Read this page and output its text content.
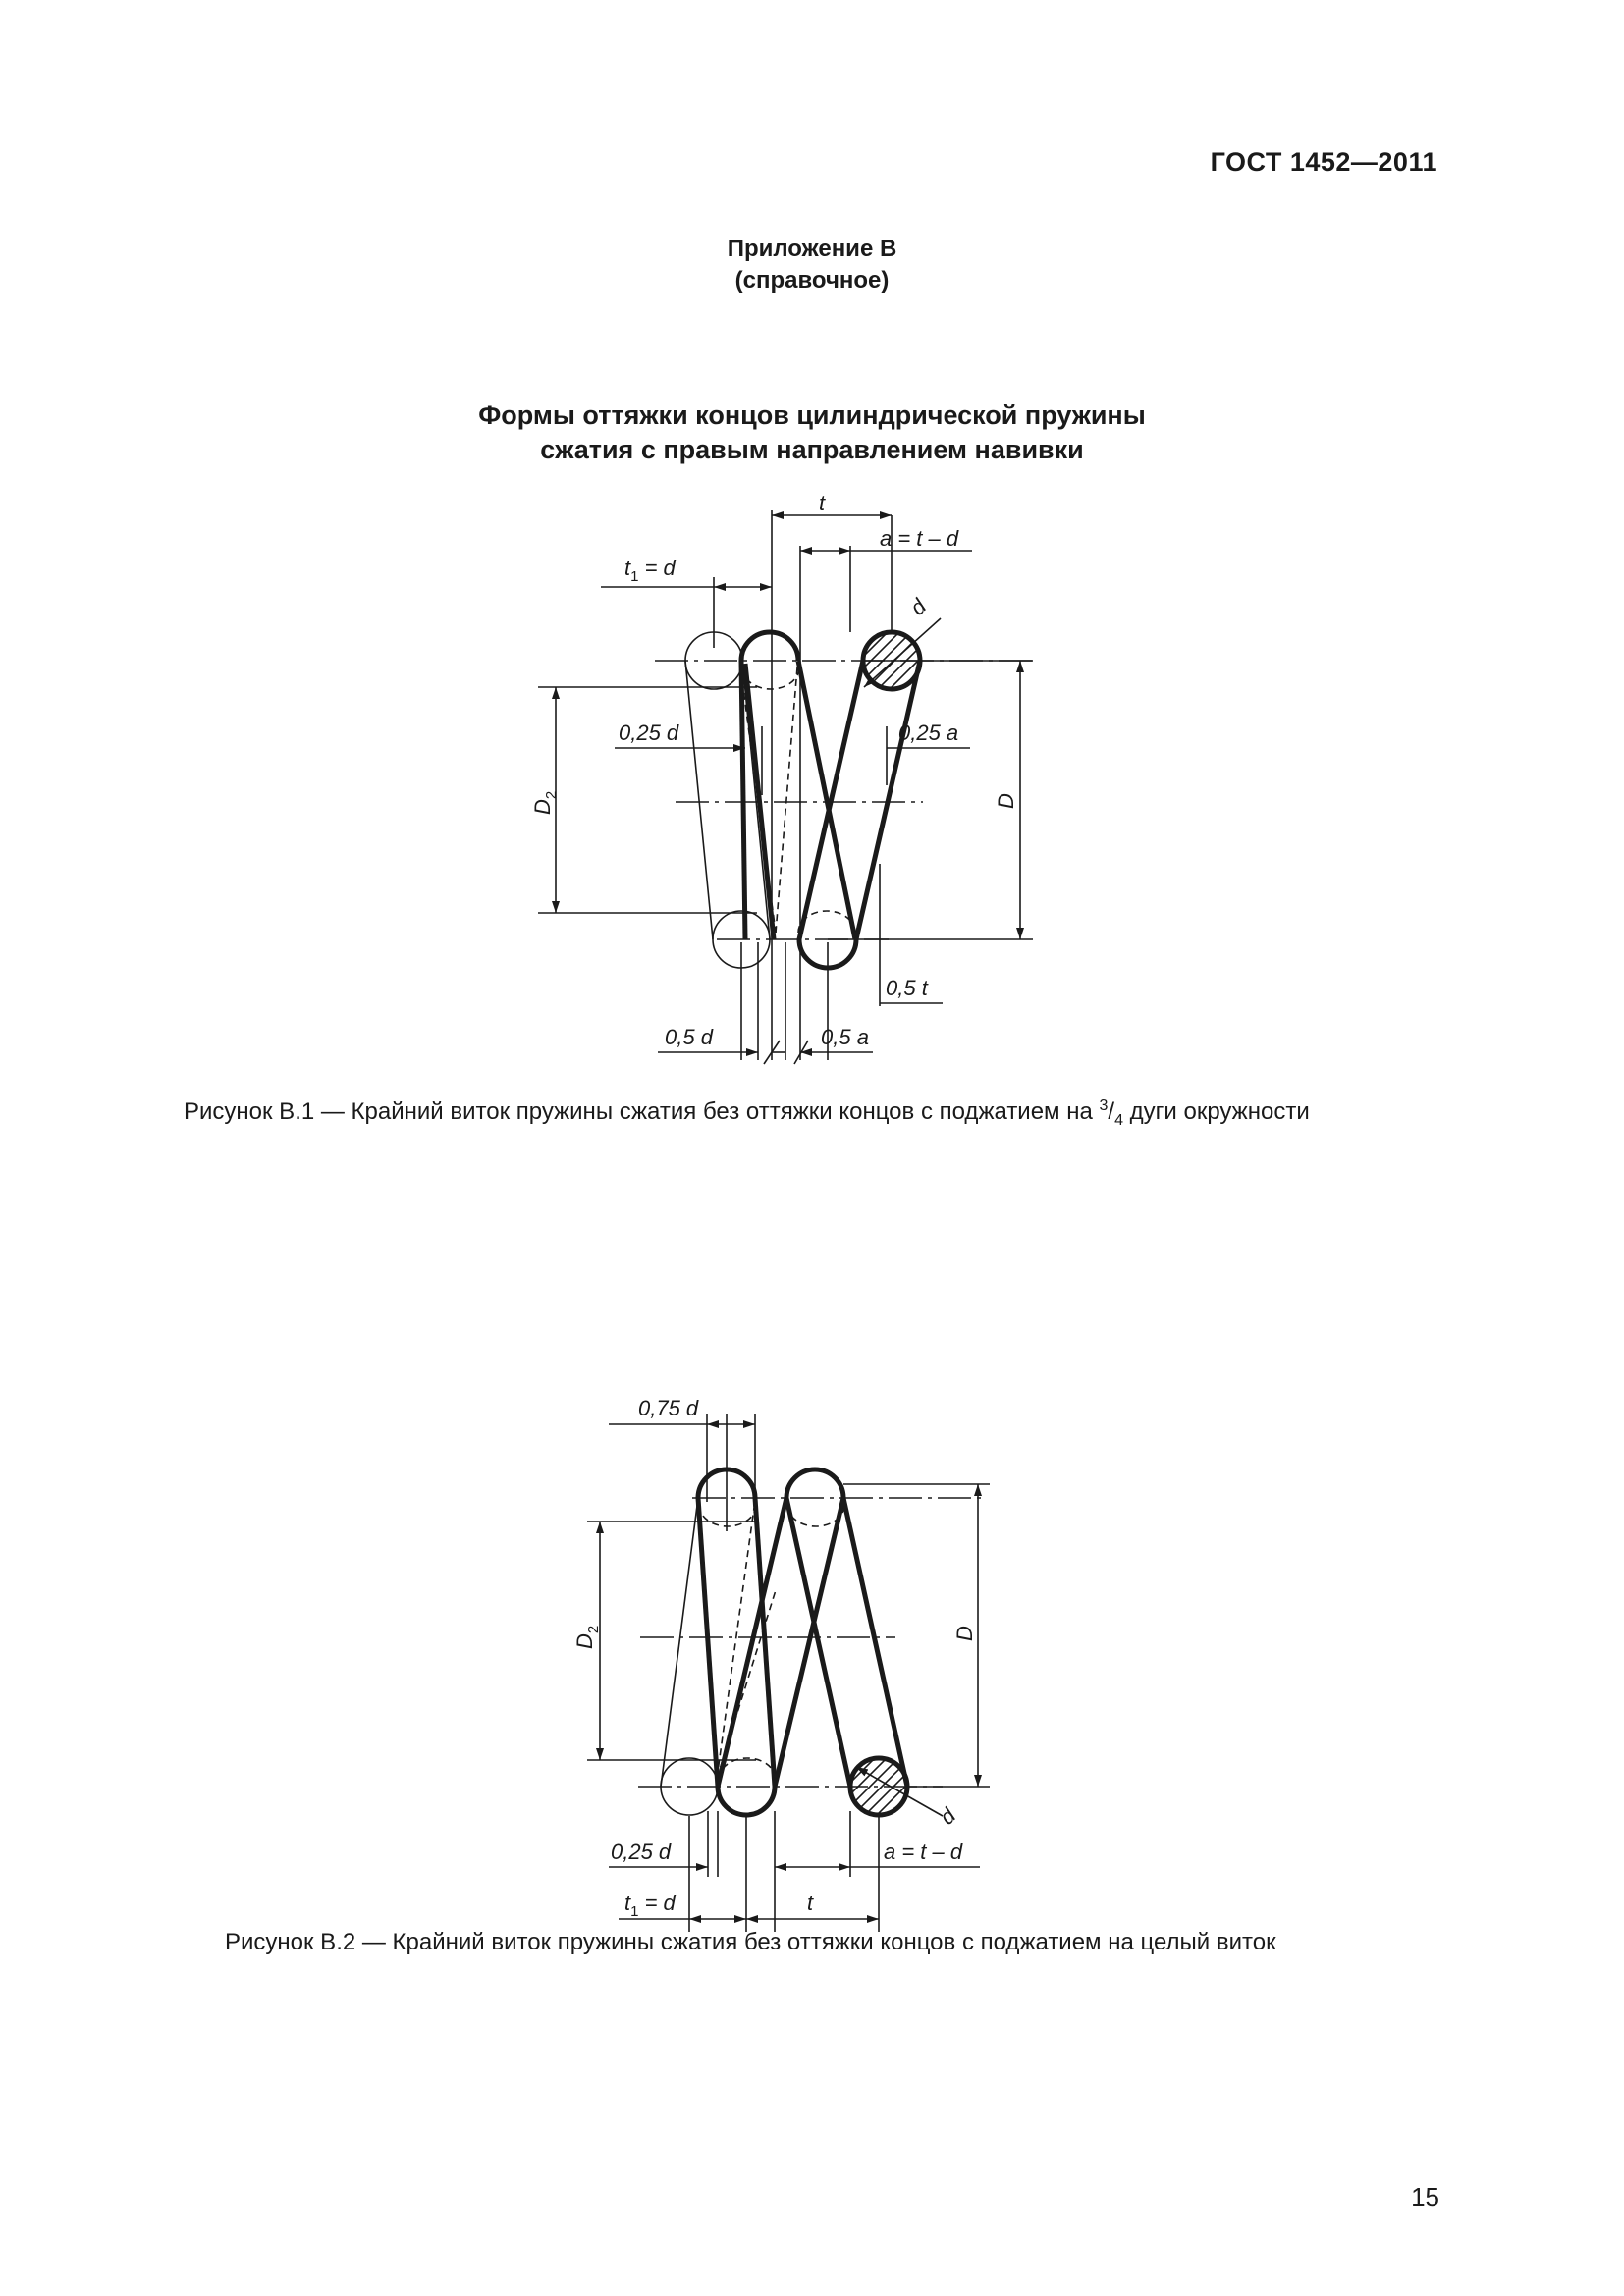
ГОСТ 1452—2011
Приложение В
(справочное)
Формы оттяжки концов цилиндрической пружины
сжатия с правым направлением навивки
t
a = t – d
$t_1 = d$
d
0,25 d	0,25 a
$D_2$	D
0,5 t
0,5 d	0,5 a
0,75 d
$D_2$	D
d
0,25 d	a = t – d
$t_1 = d$	t
Рисунок В.1 — Крайний виток пружины сжатия без оттяжки концов с поджатием на $^3/_4$ дуги окружности
Рисунок В.2 — Крайний виток пружины сжатия без оттяжки концов с поджатием на целый виток
15
